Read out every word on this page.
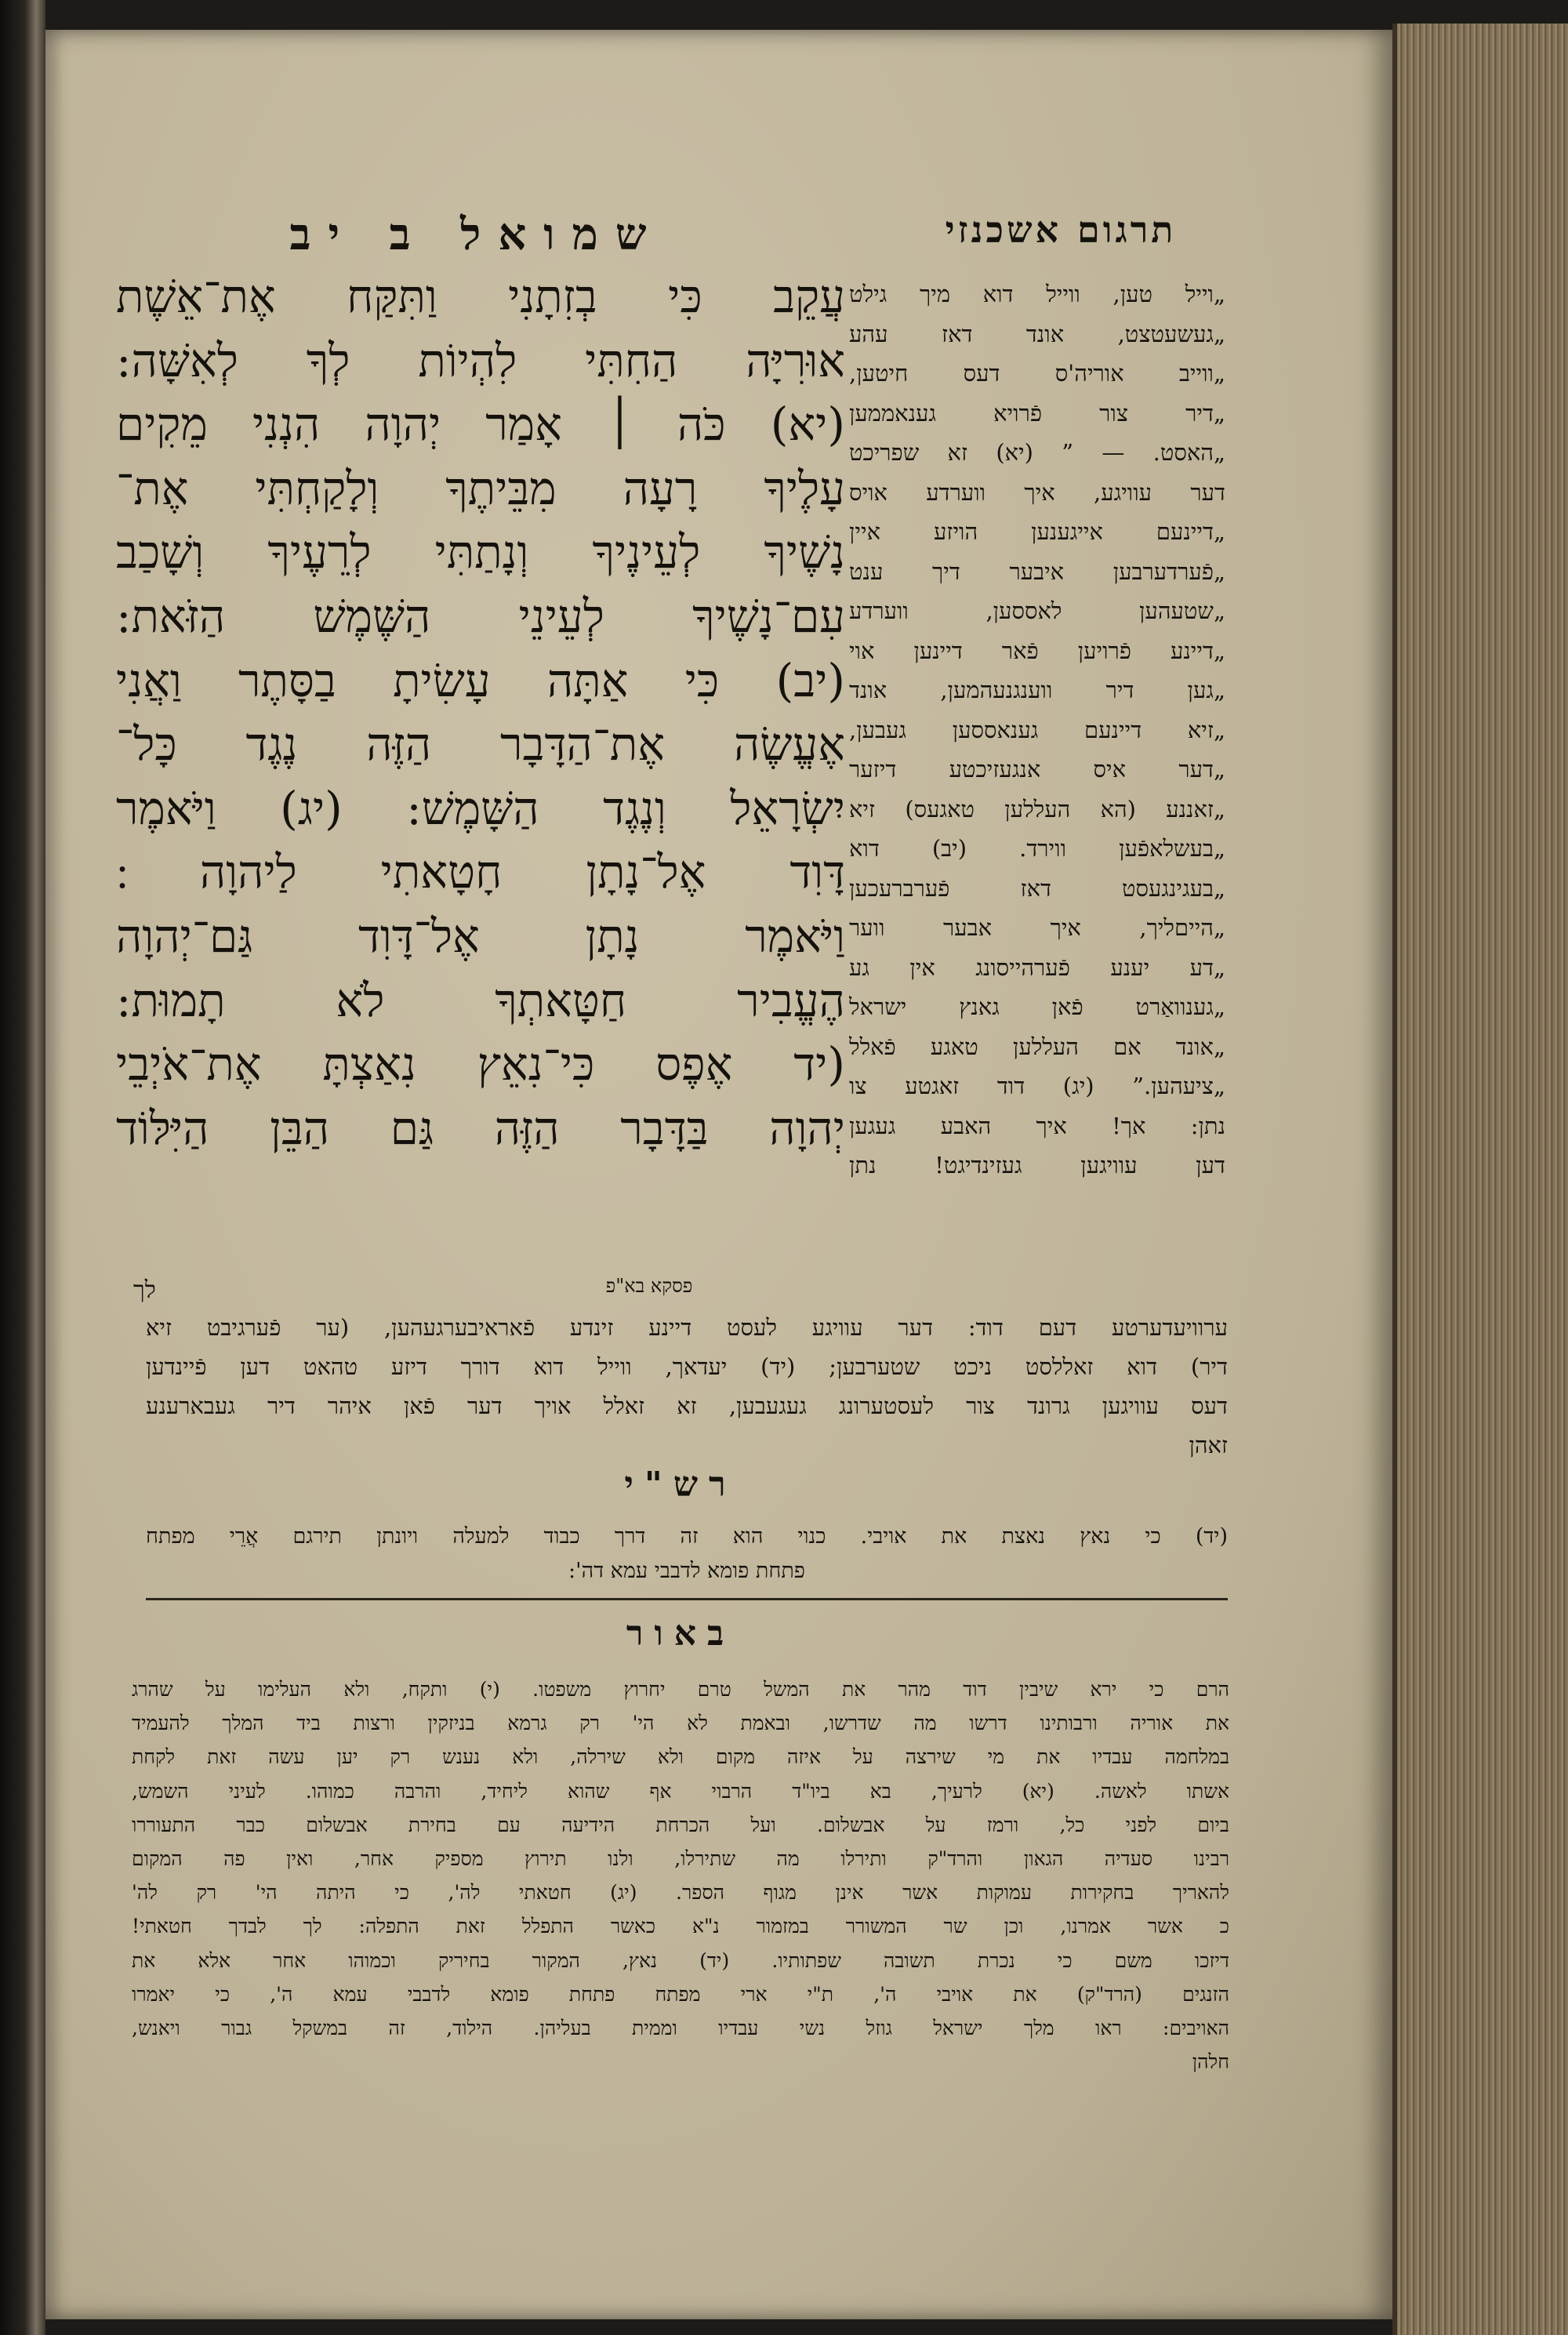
תרגום אשכנזי
שמואל ב יב
עֲקֵב כִּי בְזִתָנִי וַתִּקַּח אֶת־אֵשֶׁת
אוּרִיָּה הַחִתִּי לִהְיוֹת לְךָ לְאִשָּׁה:
(יא) כֹּה ׀ אָמַר יְהוָה הִנְנִי מֵקִים
עָלֶיךָ רָעָה מִבֵּיתֶךָ וְלָקַחְתִּי אֶת־
נָשֶׁיךָ לְעֵינֶיךָ וְנָתַתִּי לְרֵעֶיךָ וְשָׁכַב
עִם־נָשֶׁיךָ לְעֵינֵי הַשֶּׁמֶשׁ הַזֹּאת:
(יב) כִּי אַתָּה עָשִׂיתָ בַסָּתֶר וַאֲנִי
אֶעֱשֶׂה אֶת־הַדָּבָר הַזֶּה נֶגֶד כָּל־
יִשְׂרָאֵל וְנֶגֶד הַשָּׁמֶשׁ: (יג) וַיֹּאמֶר
דָּוִד אֶל־נָתָן חָטָאתִי לַיהוָה ׃
וַיֹּאמֶר נָתָן אֶל־דָּוִד גַּם־יְהוָה
הֶעֱבִיר חַטָּאתְךָ לֹא תָמוּת:
(יד אֶפֶס כִּי־נִאֵץ נִאַצְתָּ אֶת־אֹיְבֵי
יְהוָה בַּדָּבָר הַזֶּה גַּם הַבֵּן הַיִּלּוֹד
פסקא בא"פ
לך
„וייל טען, ווייל דוא מיך גילט
„געשעטצט, אונד דאז עהע
„ווייב אוריה'ס דעס חיטען,
„דיר צור פֿרויא גענאממען
„האסט. — ” (יא) זא שפריכט
דער עוויגע, איך ווערדע אויס
„דיינעם אייגענען הויזע איין
„פֿערדערבען איבער דיך ענט
„שטעהען לאססען, ווערדע
„דיינע פֿרויען פֿאר דיינען אוי
„גען דיר ווענגנעהמען, אונד
„זיא דיינעם גענאססען געבען,
„דער איס אנגעזיכטע דיזער
„זאננע (הא העללען טאגעס) זיא
„בעשלאפֿען ווירד. (יב) דוא
„בעגינגעסט דאז פֿערברעכען
„הייםליך, איך אבער ווער
„דע יענע פֿערהייסונג אין גע
„גענוואַרט פֿאן גאנץ ישראל
„אונד אם העללען טאגע פֿאלל
„ציעהען.” (יג) דוד זאגטע צו
נתן: אך! איך האבע געגען
דען עוויגען געזינדיגט! נתן
ערוויעדערטע דעם דוד: דער עוויגע לעסט דיינע זינדע פֿאראיבערגעהען, (ער פֿערגיבט זיא
דיר) דוא זאללסט ניכט שטערבען; (יד) יעדאך, ווייל דוא דורך דיזע טהאט דען פֿיינדען
דעס עוויגען גרונד צור לעסטערונג געגעבען, זא זאלל אויך דער פֿאן איהר דיר געבארענע
זאהן
רש"י
(יד) כי נאץ נאצת את אויבי. כנוי הוא זה דרך כבוד למעלה ויונתן תירגם אֲרֵי מפתח
פתחת פומא לדבבי עמא דה':
באור
הרם כי ירא שיבין דוד מהר את המשל טרם יחרוץ משפטו. (י) ותקח, ולא העלימו על שהרג
את אוריה ורבותינו דרשו מה שדרשו, ובאמת לא הי' רק גרמא בניזקין ורצות ביד המלך להעמיד
במלחמה עבדיו את מי שירצה על איזה מקום ולא שירלה, ולא נענש רק יען עשה זאת לקחת
אשתו לאשה. (יא) לרעיך, בא ביו"ד הרבוי אף שהוא ליחיד, והרבה כמוהו. לעיני השמש,
ביום לפני כל, ורמז על אבשלום. ועל הכרחת הידיעה עם בחירת אבשלום כבר התעוררו
רבינו סעדיה הגאון והרד"ק ותירלו מה שתירלו, ולנו תירוץ מספיק אחר, ואין פה המקום
להאריך בחקירות עמוקות אשר אינן מגוף הספר. (יג) חטאתי לה', כי היתה הי' רק לה'
כ אשר אמרנו, וכן שר המשורר במזמור נ"א כאשר התפלל זאת התפלה: לך לבדך חטאתי!
דיזכו משם כי נכרת תשובה שפתותיו. (יד) נאץ, המקור בחיריק וכמוהו אחר אלא את
הזנגים (הרד"ק) את אויבי ה', ת"י ארי מפתח פתחת פומא לדבבי עמא ה', כי יאמרו
האויבים: ראו מלך ישראל גוזל נשי עבדיו וממית בעליהן. הילוד, זה במשקל גבור ויאנש,
חלהן
